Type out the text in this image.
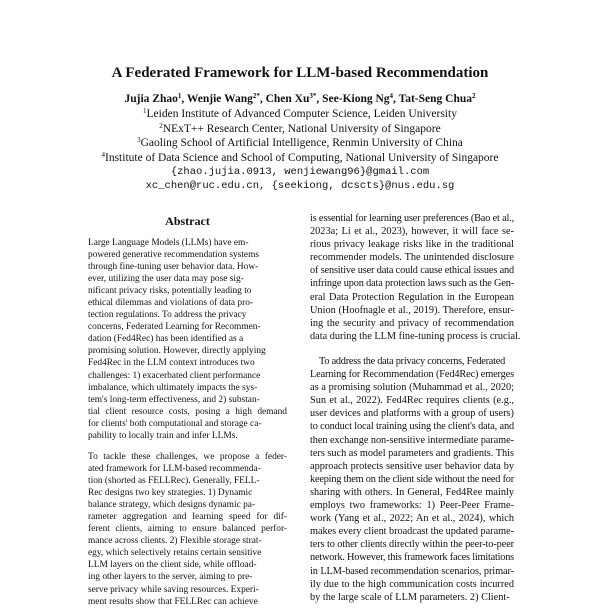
A Federated Framework for LLM-based Recommendation
Jujia Zhao$^1$, Wenjie Wang$^{2*}$, Chen $Xu^{3*}$, See-Kiong Ng$^4$, Tat-Seng Chua$^2$
$^1$Leiden Institute of Advanced Computer Science, Leiden University
$^2$NExT++ Research Center, National University of Singapore
$^3$Gaoling School of Artificial Intelligence, Renmin University of China
$^4$Institute of Data Science and School of Computing, National University of Singapore
{zhao.jujia.0913, wenjiewang96}@gmail.com
xc_chen@ruc.edu.cn, {seekiong, dcscts}@nus.edu.sg
Abstract
Large Language Models (LLMs) have em-
powered generative recommendation systems
through fine-tuning user behavior data. How-
ever, utilizing the user data may pose sig-
nificant privacy risks, potentially leading to
ethical dilemmas and violations of data pro-
tection regulations. To address the privacy
concerns, Federated Learning for Recommen-
dation (Fed4Rec) has been identified as a
promising solution. However, directly applying
Fed4Rec in the LLM context introduces two
challenges: 1) exacerbated client performance
imbalance, which ultimately impacts the sys-
tem's long-term effectiveness, and 2) substan-
tial client resource costs, posing a high demand
for clients' both computational and storage ca-
pability to locally train and infer LLMs.
To tackle these challenges, we propose a feder-
ated framework for LLM-based recommenda-
tion (shorted as FELLRec). Generally, FELL-
Rec designs two key strategies. 1) Dynamic
balance strategy, which designs dynamic pa-
rameter aggregation and learning speed for dif-
ferent clients, aiming to ensure balanced perfor-
mance across clients. 2) Flexible storage strat-
egy, which selectively retains certain sensitive
LLM layers on the client side, while offload-
ing other layers to the server, aiming to pre-
serve privacy while saving resources. Experi-
ment results show that FELLRec can achieve
is essential for learning user preferences (Bao et al.,
2023a; Li et al., 2023), however, it will face se-
rious privacy leakage risks like in the traditional
recommender models. The unintended disclosure
of sensitive user data could cause ethical issues and
infringe upon data protection laws such as the Gen-
eral Data Protection Regulation in the European
Union (Hoofnagle et al., 2019). Therefore, ensur-
ing the security and privacy of recommendation
data during the LLM fine-tuning process is crucial.
To address the data privacy concerns, Federated
Learning for Recommendation (Fed4Rec) emerges
as a promising solution (Muhammad et al., 2020;
Sun et al., 2022). Fed4Rec requires clients (e.g.,
user devices and platforms with a group of users)
to conduct local training using the client's data, and
then exchange non-sensitive intermediate parame-
ters such as model parameters and gradients. This
approach protects sensitive user behavior data by
keeping them on the client side without the need for
sharing with others. In General, Fed4Ree mainly
employs two frameworks: 1) Peer-Peer Frame-
work (Yang et al., 2022; An et al., 2024), which
makes every client broadcast the updated parame-
ters to other clients directly within the peer-to-peer
network. However, this framework faces limitations
in LLM-based recommendation scenarios, primar-
ily due to the high communication costs incurred
by the large scale of LLM parameters. 2) Client-
